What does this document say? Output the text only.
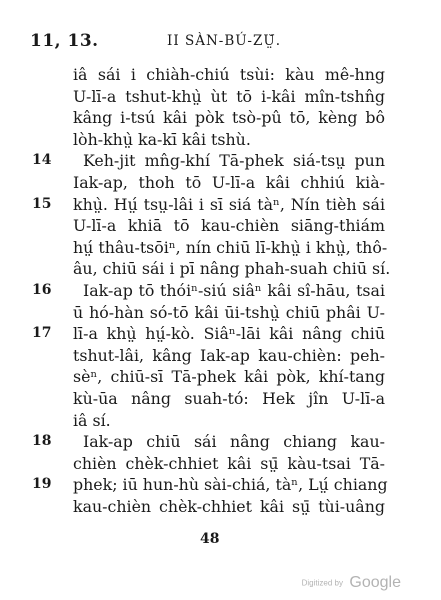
11, 13.	II SÀN-BÚ-ZṲ̆.
iâ sái i chiàh-chiú tsùi: kàu mê-hng
U-lī-a tshut-khṳ̀ ùt tō i-kâi mîn-tshn̂g
kâng i-tsú kâi pòk tsò-pû tō, kèng bô
lòh-khṳ̀ ka-kī kâi tshù.
14 Keh-jit mn̂g-khí Tā-phek siá-tsṳ pun
Iak-ap, thoh tō U-lī-a kâi chhiú kià-
15 khṳ̀. Hṳ́ tsṳ-lâi i sī siá tàⁿ, Nín tièh sái
U-lī-a khiā tō kau-chièn siāng-thiám
hṳ́ thâu-tsōiⁿ, nín chiū lī-khṳ̀ i khṳ̀, thô-
âu, chiū sái i pī nâng phah-suah chiū sí.
16 Iak-ap tō thóiⁿ-siú siâⁿ kâi sî-hāu, tsai
ū hó-hàn só-tō kâi ūi-tshṳ̀ chiū phâi U-
17 lī-a khṳ̀ hṳ́-kò. Siâⁿ-lāi kâi nâng chiū
tshut-lâi, kâng Iak-ap kau-chièn: peh-
sèⁿ, chiū-sī Tā-phek kâi pòk, khí-tang
kù-ūa nâng suah-tó: Hek jîn U-lī-a
iâ sí.
18 Iak-ap chiū sái nâng chiang kau-
chièn chèk-chhiet kâi sṳ̄ kàu-tsai Tā-
19 phek; iū hun-hù sài-chiá, tàⁿ, Lṳ́ chiang
kau-chièn chèk-chhiet kâi sṳ̄ tùi-uâng
48
Digitized by Google
